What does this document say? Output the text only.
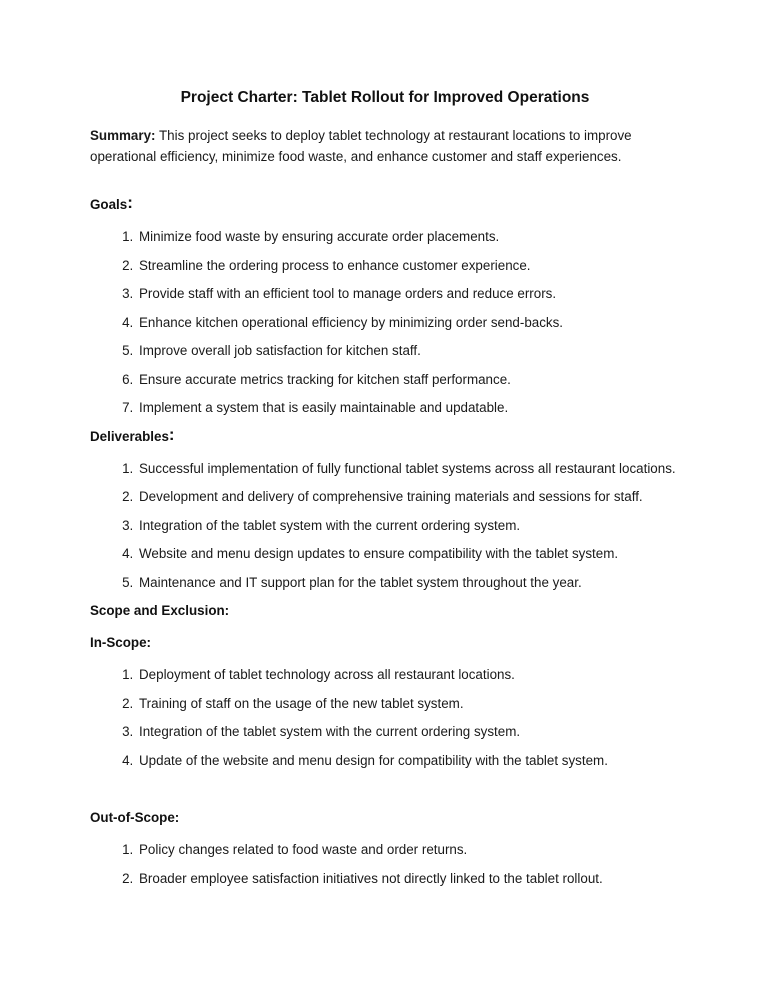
Project Charter: Tablet Rollout for Improved Operations

Summary: This project seeks to deploy tablet technology at restaurant locations to improve operational efficiency, minimize food waste, and enhance customer and staff experiences.

Goals:

1. Minimize food waste by ensuring accurate order placements.
2. Streamline the ordering process to enhance customer experience.
3. Provide staff with an efficient tool to manage orders and reduce errors.
4. Enhance kitchen operational efficiency by minimizing order send-backs.
5. Improve overall job satisfaction for kitchen staff.
6. Ensure accurate metrics tracking for kitchen staff performance.
7. Implement a system that is easily maintainable and updatable.

Deliverables:

1. Successful implementation of fully functional tablet systems across all restaurant locations.
2. Development and delivery of comprehensive training materials and sessions for staff.
3. Integration of the tablet system with the current ordering system.
4. Website and menu design updates to ensure compatibility with the tablet system.
5. Maintenance and IT support plan for the tablet system throughout the year.

Scope and Exclusion:

In-Scope:

1. Deployment of tablet technology across all restaurant locations.
2. Training of staff on the usage of the new tablet system.
3. Integration of the tablet system with the current ordering system.
4. Update of the website and menu design for compatibility with the tablet system.

Out-of-Scope:

1. Policy changes related to food waste and order returns.
2. Broader employee satisfaction initiatives not directly linked to the tablet rollout.
